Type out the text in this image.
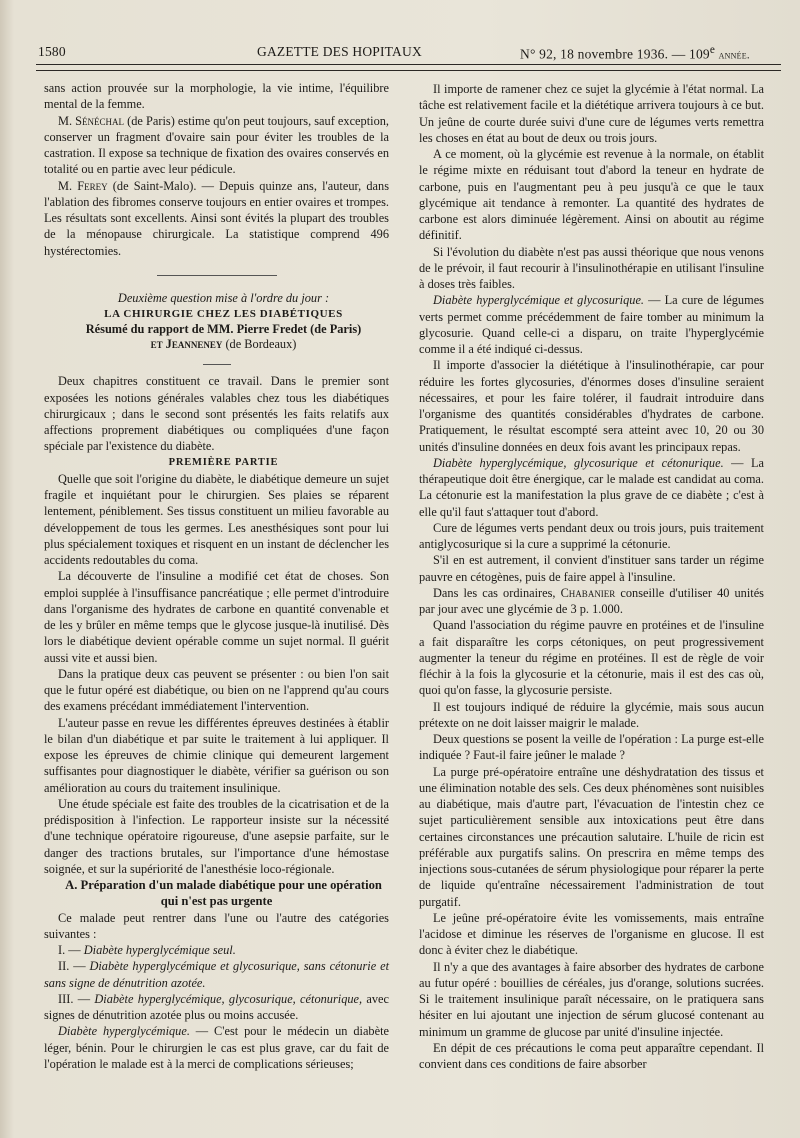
1580	GAZETTE DES HOPITAUX	N° 92, 18 novembre 1936. — 109e année.

sans action prouvée sur la morphologie, la vie intime, l'équilibre mental de la femme.

M. Sénéchal (de Paris) estime qu'on peut toujours, sauf exception, conserver un fragment d'ovaire sain pour éviter les troubles de la castration. Il expose sa technique de fixation des ovaires conservés en totalité ou en partie avec leur pédicule.

M. Ferey (de Saint-Malo). — Depuis quinze ans, l'auteur, dans l'ablation des fibromes conserve toujours en entier ovaires et trompes. Les résultats sont excellents. Ainsi sont évités la plupart des troubles de la ménopause chirurgicale. La statistique comprend 496 hystérectomies.

Deuxième question mise à l'ordre du jour :

LA CHIRURGIE CHEZ LES DIABÉTIQUES

Résumé du rapport de MM. Pierre Fredet (de Paris)

et Jeanneney (de Bordeaux)

Deux chapitres constituent ce travail. Dans le premier sont exposées les notions générales valables chez tous les diabétiques chirurgicaux ; dans le second sont présentés les faits relatifs aux affections proprement diabétiques ou compliquées d'une façon spéciale par l'existence du diabète.

PREMIÈRE PARTIE

Quelle que soit l'origine du diabète, le diabétique demeure un sujet fragile et inquiétant pour le chirurgien. Ses plaies se réparent lentement, péniblement. Ses tissus constituent un milieu favorable au développement de tous les germes. Les anesthésiques sont pour lui plus spécialement toxiques et risquent en un instant de déclencher les accidents redoutables du coma.

La découverte de l'insuline a modifié cet état de choses. Son emploi supplée à l'insuffisance pancréatique ; elle permet d'introduire dans l'organisme des hydrates de carbone en quantité convenable et de les y brûler en même temps que le glycose jusque-là inutilisé. Dès lors le diabétique devient opérable comme un sujet normal. Il guérit aussi vite et aussi bien.

Dans la pratique deux cas peuvent se présenter : ou bien l'on sait que le futur opéré est diabétique, ou bien on ne l'apprend qu'au cours des examens précédant immédiatement l'intervention.

L'auteur passe en revue les différentes épreuves destinées à établir le bilan d'un diabétique et par suite le traitement à lui appliquer. Il expose les épreuves de chimie clinique qui demeurent largement suffisantes pour diagnostiquer le diabète, vérifier sa guérison ou son amélioration au cours du traitement insulinique.

Une étude spéciale est faite des troubles de la cicatrisation et de la prédisposition à l'infection. Le rapporteur insiste sur la nécessité d'une technique opératoire rigoureuse, d'une asepsie parfaite, sur le danger des tractions brutales, sur l'importance d'une hémostase soignée, et sur la supériorité de l'anesthésie loco-régionale.

A. Préparation d'un malade diabétique pour une opération qui n'est pas urgente

Ce malade peut rentrer dans l'une ou l'autre des catégories suivantes :

I. — Diabète hyperglycémique seul.

II. — Diabète hyperglycémique et glycosurique, sans cétonurie et sans signe de dénutrition azotée.

III. — Diabète hyperglycémique, glycosurique, cétonurique, avec signes de dénutrition azotée plus ou moins accusée.

Diabète hyperglycémique. — C'est pour le médecin un diabète léger, bénin. Pour le chirurgien le cas est plus grave, car du fait de l'opération le malade est à la merci de complications sérieuses;

Il importe de ramener chez ce sujet la glycémie à l'état normal. La tâche est relativement facile et la diététique arrivera toujours à ce but. Un jeûne de courte durée suivi d'une cure de légumes verts remettra les choses en état au bout de deux ou trois jours.

A ce moment, où la glycémie est revenue à la normale, on établit le régime mixte en réduisant tout d'abord la teneur en hydrate de carbone, puis en l'augmentant peu à peu jusqu'à ce que le taux glycémique ait tendance à remonter. La quantité des hydrates de carbone est alors diminuée légèrement. Ainsi on aboutit au régime définitif.

Si l'évolution du diabète n'est pas aussi théorique que nous venons de le prévoir, il faut recourir à l'insulinothérapie en utilisant l'insuline à doses très faibles.

Diabète hyperglycémique et glycosurique. — La cure de légumes verts permet comme précédemment de faire tomber au minimum la glycosurie. Quand celle-ci a disparu, on traite l'hyperglycémie comme il a été indiqué ci-dessus.

Il importe d'associer la diététique à l'insulinothérapie, car pour réduire les fortes glycosuries, d'énormes doses d'insuline seraient nécessaires, et pour les faire tolérer, il faudrait introduire dans l'organisme des quantités considérables d'hydrates de carbone. Pratiquement, le résultat escompté sera atteint avec 10, 20 ou 30 unités d'insuline données en deux fois avant les principaux repas.

Diabète hyperglycémique, glycosurique et cétonurique. — La thérapeutique doit être énergique, car le malade est candidat au coma. La cétonurie est la manifestation la plus grave de ce diabète ; c'est à elle qu'il faut s'attaquer tout d'abord.

Cure de légumes verts pendant deux ou trois jours, puis traitement antiglycosurique si la cure a supprimé la cétonurie.

S'il en est autrement, il convient d'instituer sans tarder un régime pauvre en cétogènes, puis de faire appel à l'insuline.

Dans les cas ordinaires, Chabanier conseille d'utiliser 40 unités par jour avec une glycémie de 3 p. 1.000.

Quand l'association du régime pauvre en protéines et de l'insuline a fait disparaître les corps cétoniques, on peut progressivement augmenter la teneur du régime en protéines. Il est de règle de voir fléchir à la fois la glycosurie et la cétonurie, mais il est des cas où, quoi qu'on fasse, la glycosurie persiste.

Il est toujours indiqué de réduire la glycémie, mais sous aucun prétexte on ne doit laisser maigrir le malade.

Deux questions se posent la veille de l'opération : La purge est-elle indiquée ? Faut-il faire jeûner le malade ?

La purge pré-opératoire entraîne une déshydratation des tissus et une élimination notable des sels. Ces deux phénomènes sont nuisibles au diabétique, mais d'autre part, l'évacuation de l'intestin chez ce sujet particulièrement sensible aux intoxications peut être dans certaines circonstances une précaution salutaire. L'huile de ricin est préférable aux purgatifs salins. On prescrira en même temps des injections sous-cutanées de sérum physiologique pour réparer la perte de liquide qu'entraîne nécessairement l'administration de tout purgatif.

Le jeûne pré-opératoire évite les vomissements, mais entraîne l'acidose et diminue les réserves de l'organisme en glucose. Il est donc à éviter chez le diabétique.

Il n'y a que des avantages à faire absorber des hydrates de carbone au futur opéré : bouillies de céréales, jus d'orange, solutions sucrées. Si le traitement insulinique paraît nécessaire, on le pratiquera sans hésiter en lui ajoutant une injection de sérum glucosé contenant au minimum un gramme de glucose par unité d'insuline injectée.

En dépit de ces précautions le coma peut apparaître cependant. Il convient dans ces conditions de faire absorber
